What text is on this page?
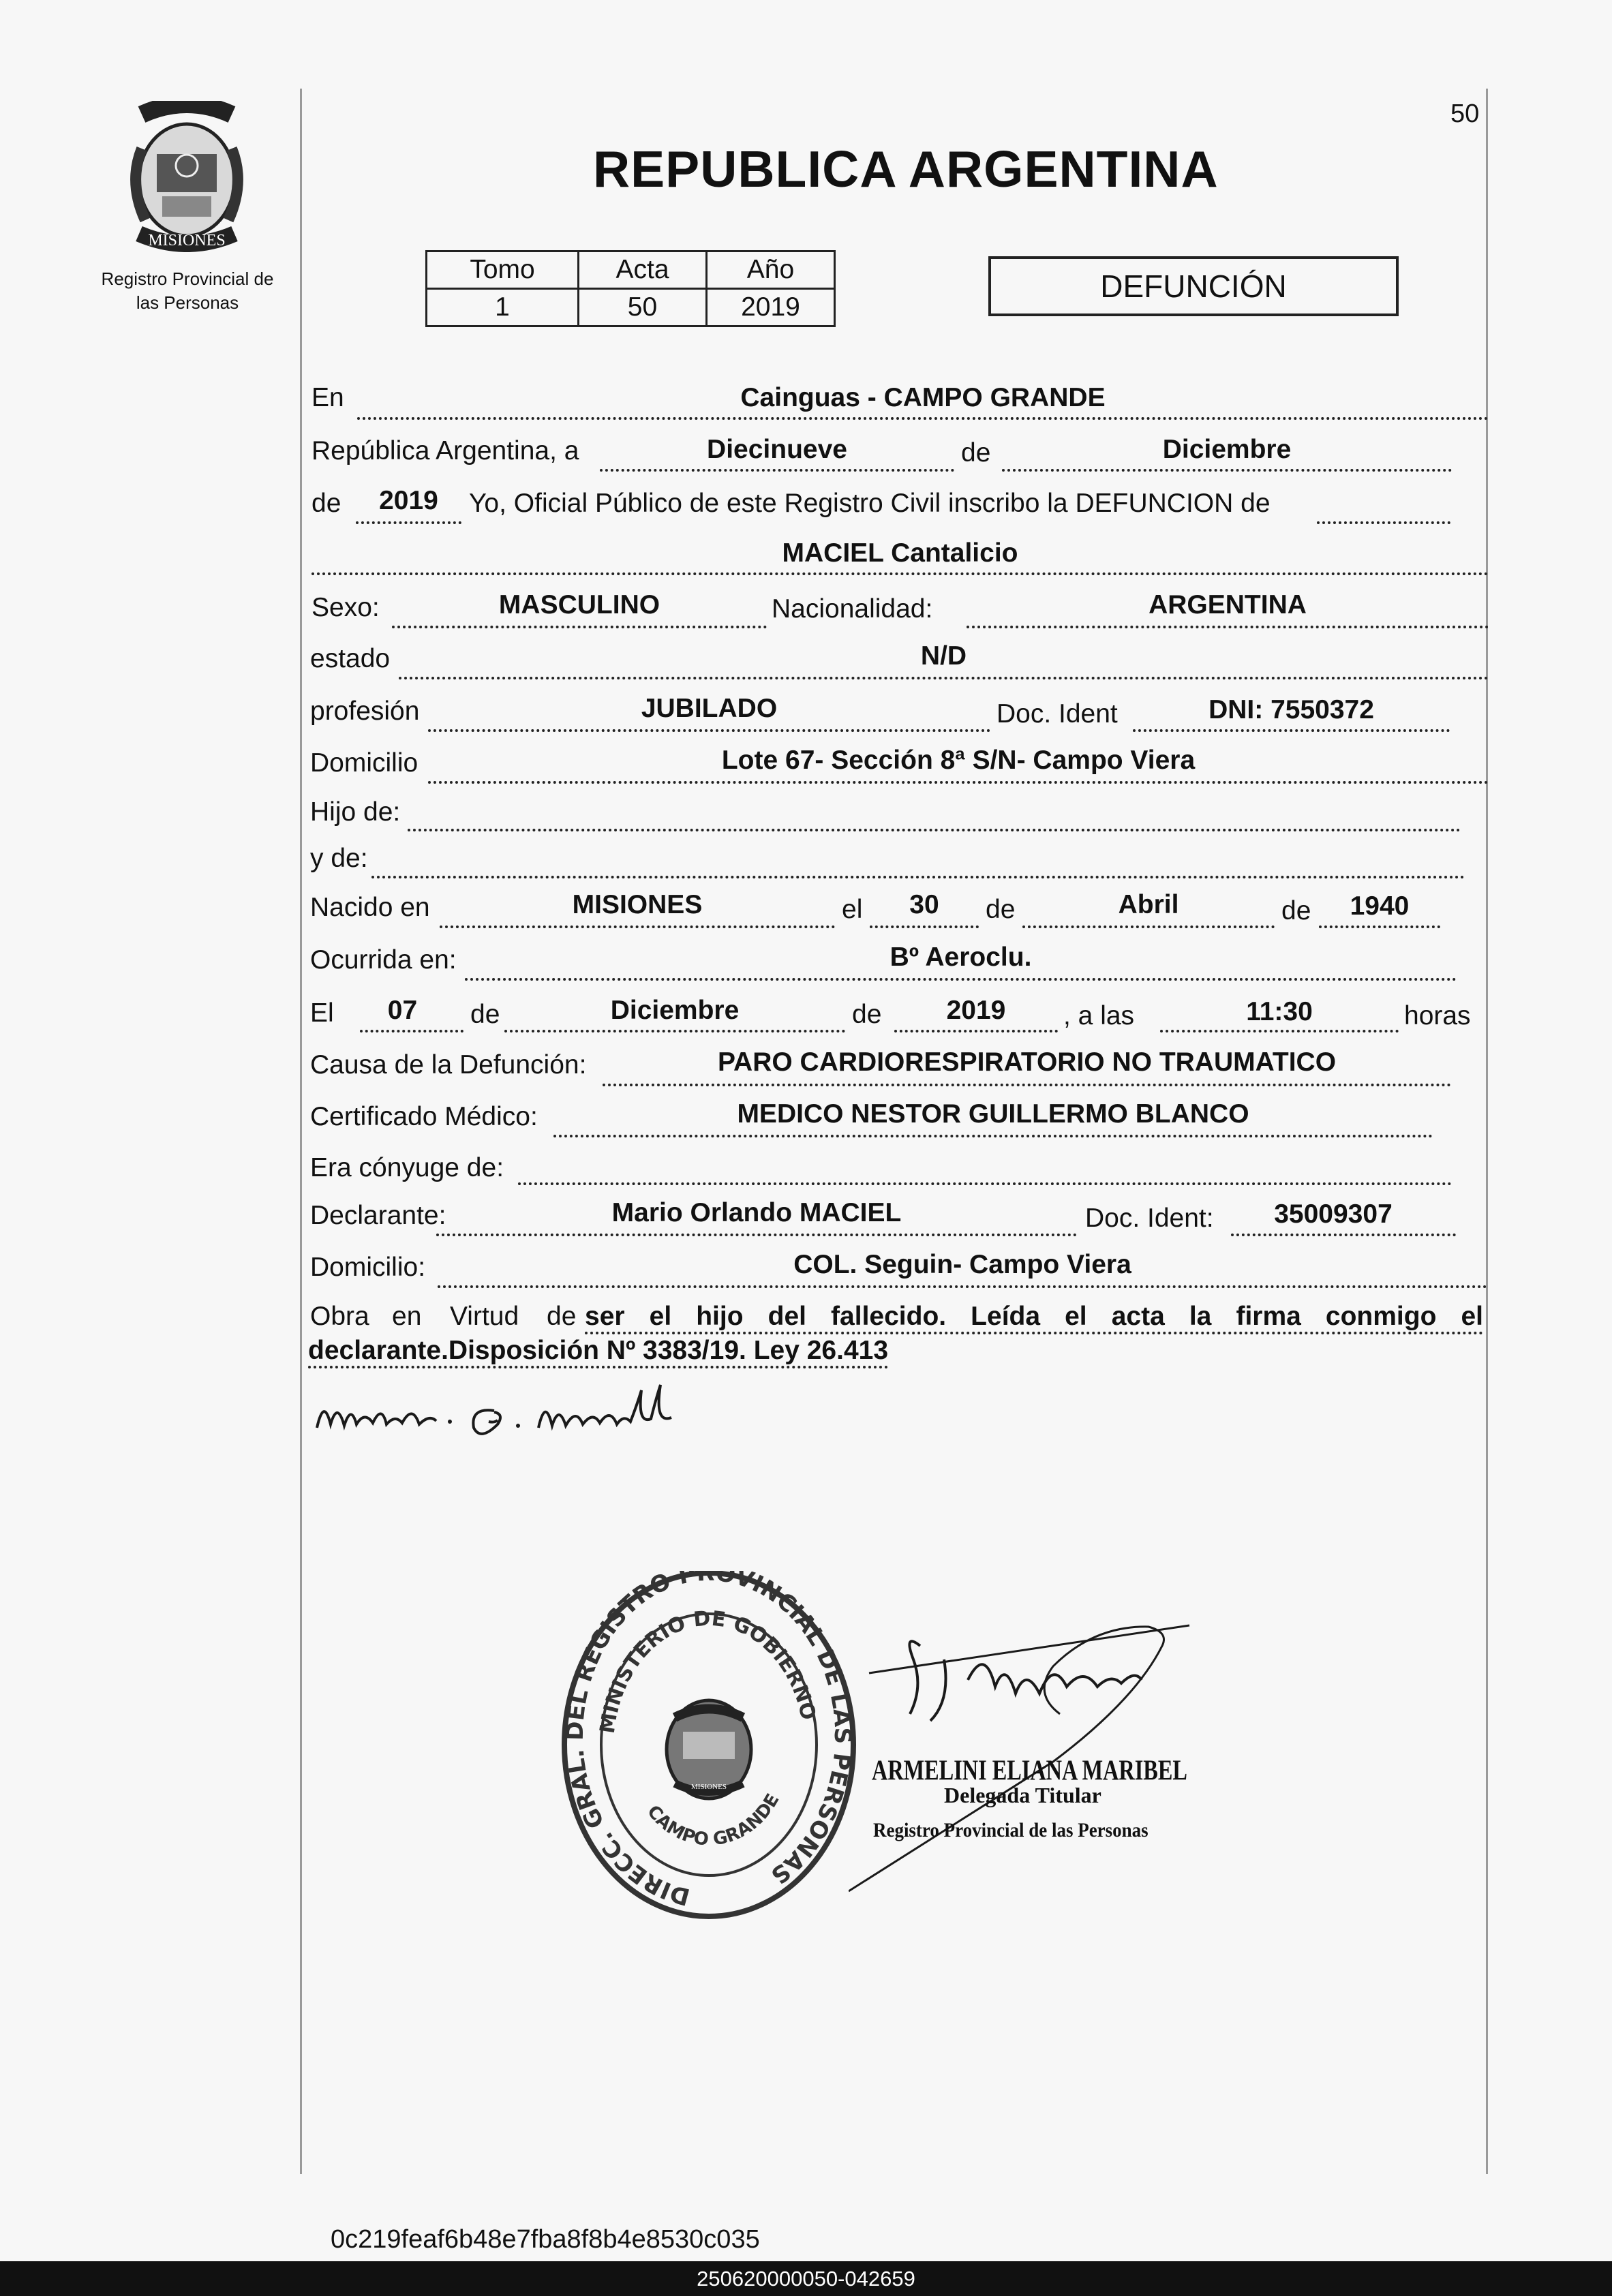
50
MISIONES
Registro Provincial de
las Personas
REPUBLICA ARGENTINA
Tomo	Acta	Año
1	50	2019
DEFUNCIÓN
En	Cainguas - CAMPO GRANDE
República Argentina, a	Diecinueve	de	Diciembre
de	2019	Yo, Oficial Público de este Registro Civil inscribo la DEFUNCION de
MACIEL Cantalicio
Sexo:	MASCULINO	Nacionalidad:	ARGENTINA
estado	N/D
profesión	JUBILADO	Doc. Ident	DNI: 7550372
Domicilio	Lote 67- Sección 8ª S/N- Campo Viera
Hijo de:
y de:
Nacido en	MISIONES	el	30	de	Abril	de	1940
Ocurrida en:	Bº Aeroclu.
El	07	de	Diciembre	de	2019	, a las	11:30	horas
Causa de la Defunción:	PARO CARDIORESPIRATORIO NO TRAUMATICO
Certificado Médico:	MEDICO NESTOR GUILLERMO BLANCO
Era cónyuge de:
Declarante:	Mario Orlando MACIEL	Doc. Ident:	35009307
Domicilio:	COL. Seguin- Campo Viera
Obra en Virtud de ser el hijo del fallecido. Leída el acta la firma conmigo el
declarante.Disposición Nº 3383/19. Ley 26.413
DIRECC. GRAL. DEL REGISTRO PROVINCIAL DE LAS PERSONAS
MINISTERIO DE GOBIERNO
CAMPO GRANDE
MISIONES
ARMELINI ELIANA MARIBEL
Delegada Titular
Registro Provincial de las Personas
0c219feaf6b48e7fba8f8b4e8530c035
250620000050-042659
